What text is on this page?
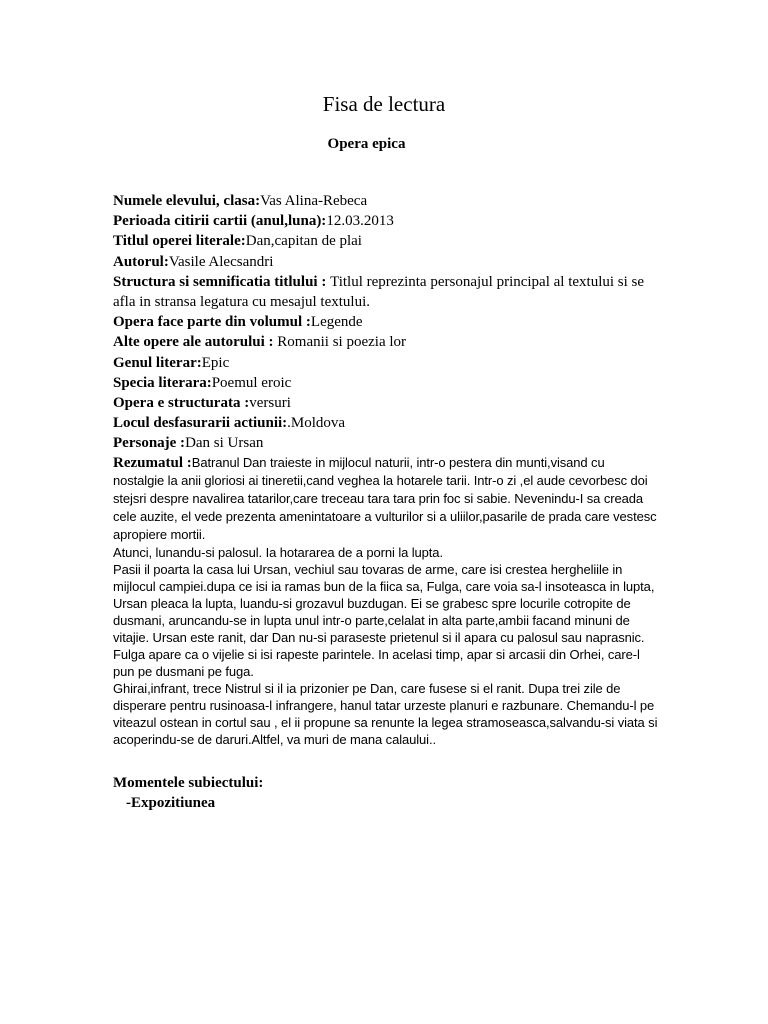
Fisa de lectura
Opera epica

Numele elevului, clasa:Vas Alina-Rebeca

Perioada citirii cartii (anul,luna):12.03.2013

Titlul operei literale:Dan,capitan de plai

Autorul:Vasile Alecsandri

Structura si semnificatia titlului : Titlul reprezinta personajul principal al textului si se afla in stransa legatura cu mesajul textului.

Opera face parte din volumul :Legende

Alte opere ale autorului : Romanii si poezia lor

Genul literar:Epic

Specia literara:Poemul eroic

Opera e structurata :versuri

Locul desfasurarii actiunii:.Moldova

Personaje :Dan si Ursan

Rezumatul :Batranul Dan traieste in mijlocul naturii, intr-o pestera din munti,visand cu nostalgie la anii gloriosi ai tineretii,cand veghea la hotarele tarii. Intr-o zi ,el aude cevorbesc doi stejsri despre navalirea tatarilor,care treceau tara tara prin foc si sabie. Nevenindu-I sa creada cele auzite, el vede prezenta amenintatoare a vulturilor si a uliilor,pasarile de prada care vestesc apropiere mortii.

Atunci, lunandu-si palosul. Ia hotararea de a porni la lupta.

Pasii il poarta la casa lui Ursan, vechiul sau tovaras de arme, care isi crestea hergheliile in mijlocul campiei.dupa ce isi ia ramas bun de la fiica sa, Fulga, care voia sa-l insoteasca in lupta, Ursan pleaca la lupta, luandu-si grozavul buzdugan. Ei se grabesc spre locurile cotropite de dusmani, aruncandu-se in lupta unul intr-o parte,celalat in alta parte,ambii facand minuni de vitajie. Ursan este ranit, dar Dan nu-si paraseste prietenul si il apara cu palosul sau naprasnic. Fulga apare ca o vijelie si isi rapeste parintele. In acelasi timp, apar si arcasii din Orhei, care-l pun pe dusmani pe fuga.

Ghirai,infrant, trece Nistrul si il ia prizonier pe Dan, care fusese si el ranit. Dupa trei zile de disperare pentru rusinoasa-l infrangere, hanul tatar urzeste planuri e razbunare. Chemandu-l pe viteazul ostean in cortul sau , el ii propune sa renunte la legea stramoseasca,salvandu-si viata si acoperindu-se de daruri.Altfel, va muri de mana calaului..

Momentele subiectului:
-Expozitiunea
